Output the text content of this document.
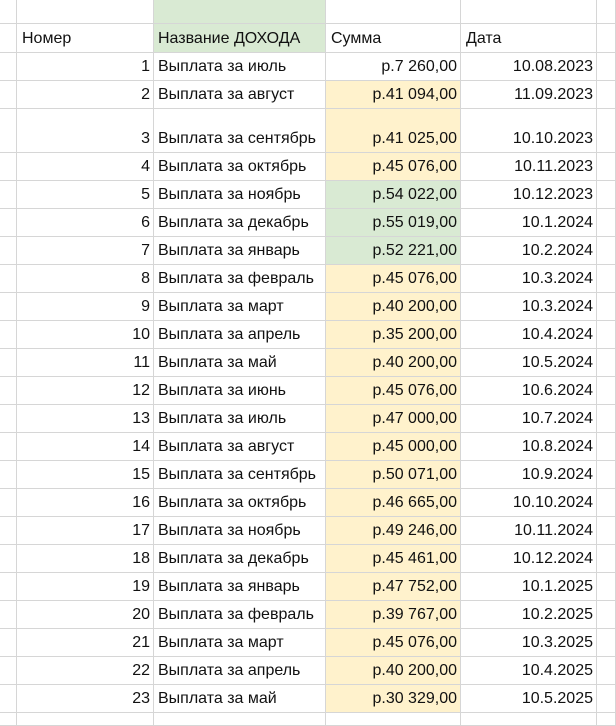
Номер	Название ДОХОДА	Сумма	Дата
1 Выплата за июль	р.7 260,00	10.08.2023
2 Выплата за август	р.41 094,00	11.09.2023
3 Выплата за сентябрь	р.41 025,00	10.10.2023
4 Выплата за октябрь	р.45 076,00	10.11.2023
5 Выплата за ноябрь	р.54 022,00	10.12.2023
6 Выплата за декабрь	р.55 019,00	10.1.2024
7 Выплата за январь	р.52 221,00	10.2.2024
8 Выплата за февраль	р.45 076,00	10.3.2024
9 Выплата за март	р.40 200,00	10.3.2024
10 Выплата за апрель	р.35 200,00	10.4.2024
11 Выплата за май	р.40 200,00	10.5.2024
12 Выплата за июнь	р.45 076,00	10.6.2024
13 Выплата за июль	р.47 000,00	10.7.2024
14 Выплата за август	р.45 000,00	10.8.2024
15 Выплата за сентябрь	р.50 071,00	10.9.2024
16 Выплата за октябрь	р.46 665,00	10.10.2024
17 Выплата за ноябрь	р.49 246,00	10.11.2024
18 Выплата за декабрь	р.45 461,00	10.12.2024
19 Выплата за январь	р.47 752,00	10.1.2025
20 Выплата за февраль	р.39 767,00	10.2.2025
21 Выплата за март	р.45 076,00	10.3.2025
22 Выплата за апрель	р.40 200,00	10.4.2025
23 Выплата за май	р.30 329,00	10.5.2025
